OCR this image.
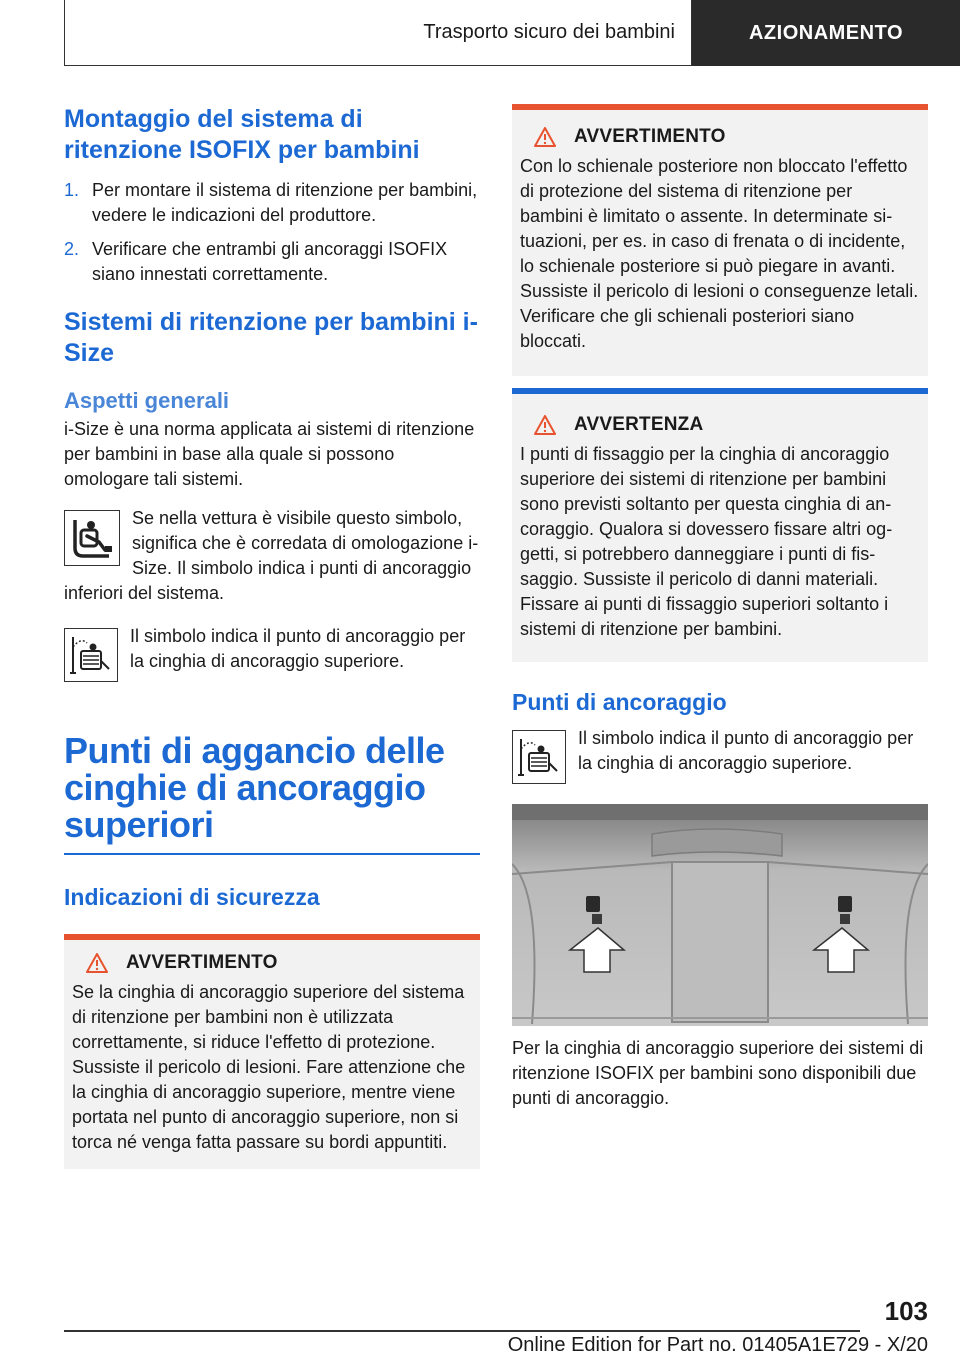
Trasporto sicuro dei bambini	AZIONAMENTO
Montaggio del sistema di ritenzione ISOFIX per bambini
1. Per montare il sistema di ritenzione per bambini, vedere le indicazioni del produttore.
2. Verificare che entrambi gli ancoraggi ISOFIX siano innestati correttamente.
Sistemi di ritenzione per bambini i-Size
Aspetti generali
i-Size è una norma applicata ai sistemi di ritenzione per bambini in base alla quale si possono omologare tali sistemi.
Se nella vettura è visibile questo simbolo, significa che è corredata di omologazione i-Size. Il simbolo indica i punti di ancoraggio inferiori del sistema.
Il simbolo indica il punto di ancoraggio per la cinghia di ancoraggio superiore.
Punti di aggancio delle cinghie di ancoraggio superiori
Indicazioni di sicurezza
AVVERTIMENTO
Se la cinghia di ancoraggio superiore del sistema di ritenzione per bambini non è utilizzata correttamente, si riduce l'effetto di protezione. Sussiste il pericolo di lesioni. Fare attenzione che la cinghia di ancoraggio superiore, mentre viene portata nel punto di ancoraggio superiore, non si torca né venga fatta passare su bordi appuntiti.
AVVERTIMENTO
Con lo schienale posteriore non bloccato l'effetto di protezione del sistema di ritenzione per bambini è limitato o assente. In determinate situazioni, per es. in caso di frenata o di incidente, lo schienale posteriore si può piegare in avanti. Sussiste il pericolo di lesioni o conseguenze letali. Verificare che gli schienali posteriori siano bloccati.
AVVERTENZA
I punti di fissaggio per la cinghia di ancoraggio superiore dei sistemi di ritenzione per bambini sono previsti soltanto per questa cinghia di ancoraggio. Qualora si dovessero fissare altri oggetti, si potrebbero danneggiare i punti di fissaggio. Sussiste il pericolo di danni materiali. Fissare ai punti di fissaggio superiori soltanto i sistemi di ritenzione per bambini.
Punti di ancoraggio
Il simbolo indica il punto di ancoraggio per la cinghia di ancoraggio superiore.
Per la cinghia di ancoraggio superiore dei sistemi di ritenzione ISOFIX per bambini sono disponibili due punti di ancoraggio.
103
Online Edition for Part no. 01405A1E729 - X/20
